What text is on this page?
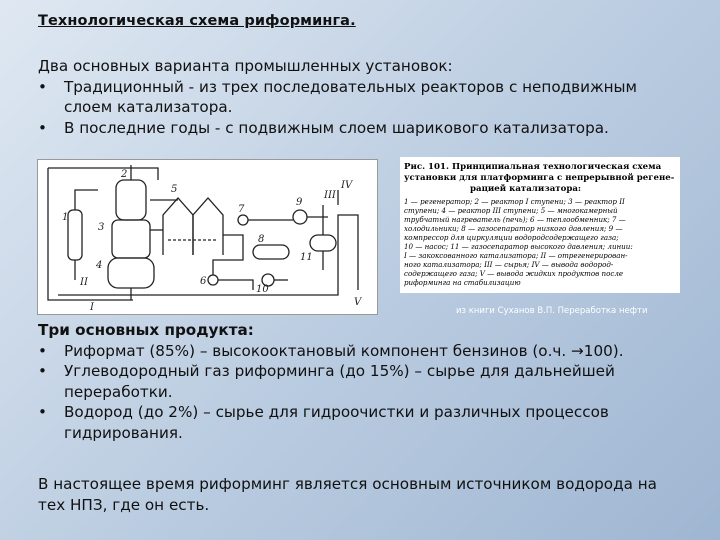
Технологическая схема риформинга.
Два основных варианта промышленных установок:
•	Традиционный - из трех последовательных реакторов с неподвижным слоем катализатора.
•	В последние годы - с подвижным слоем шарикового катализатора.
2
1
3
4
5
6
7
8
9
10
11
I
II
III
IV
V
Рис. 101. Принципиальная технологическая схема
установки для платформинга с непрерывной регене-
рацией катализатора:
1 — регенератор; 2 — реактор I ступени; 3 — реактор II
ступени; 4 — реактор III ступени; 5 — многокамерный
трубчатый нагреватель (печь); 6 — теплообменник; 7 —
холодильники; 8 — газосепаратор низкого давления; 9 —
компрессор для циркуляции водородсодержащего газа;
10 — насос; 11 — газосепаратор высокого давления; линии:
I — закоксованного катализатора; II — отрегенерирован-
ного катализатора; III — сырья; IV — вывода водород-
содержащего газа; V — вывода жидких продуктов после
риформинга на стабилизацию
из книги Суханов В.П. Переработка нефти
Три основных продукта:
•	Риформат (85%) – высокооктановый компонент бензинов (о.ч. →100).
•	Углеводородный газ риформинга (до 15%) – сырье для дальнейшей переработки.
•	Водород (до 2%) – сырье для гидроочистки и различных процессов гидрирования.
В настоящее время риформинг является основным источником водорода на тех НПЗ, где он есть.
